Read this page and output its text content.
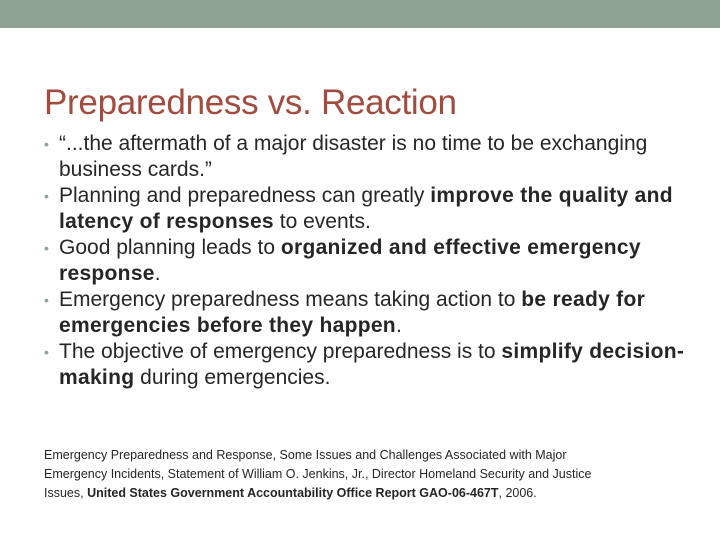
Preparedness vs. Reaction
• “...the aftermath of a major disaster is no time to be exchanging business cards.”
• Planning and preparedness can greatly improve the quality and latency of responses to events.
• Good planning leads to organized and effective emergency response.
• Emergency preparedness means taking action to be ready for emergencies before they happen.
• The objective of emergency preparedness is to simplify decision-making during emergencies.
Emergency Preparedness and Response, Some Issues and Challenges Associated with Major
Emergency Incidents, Statement of William O. Jenkins, Jr., Director Homeland Security and Justice
Issues, United States Government Accountability Office Report GAO-06-467T, 2006.
